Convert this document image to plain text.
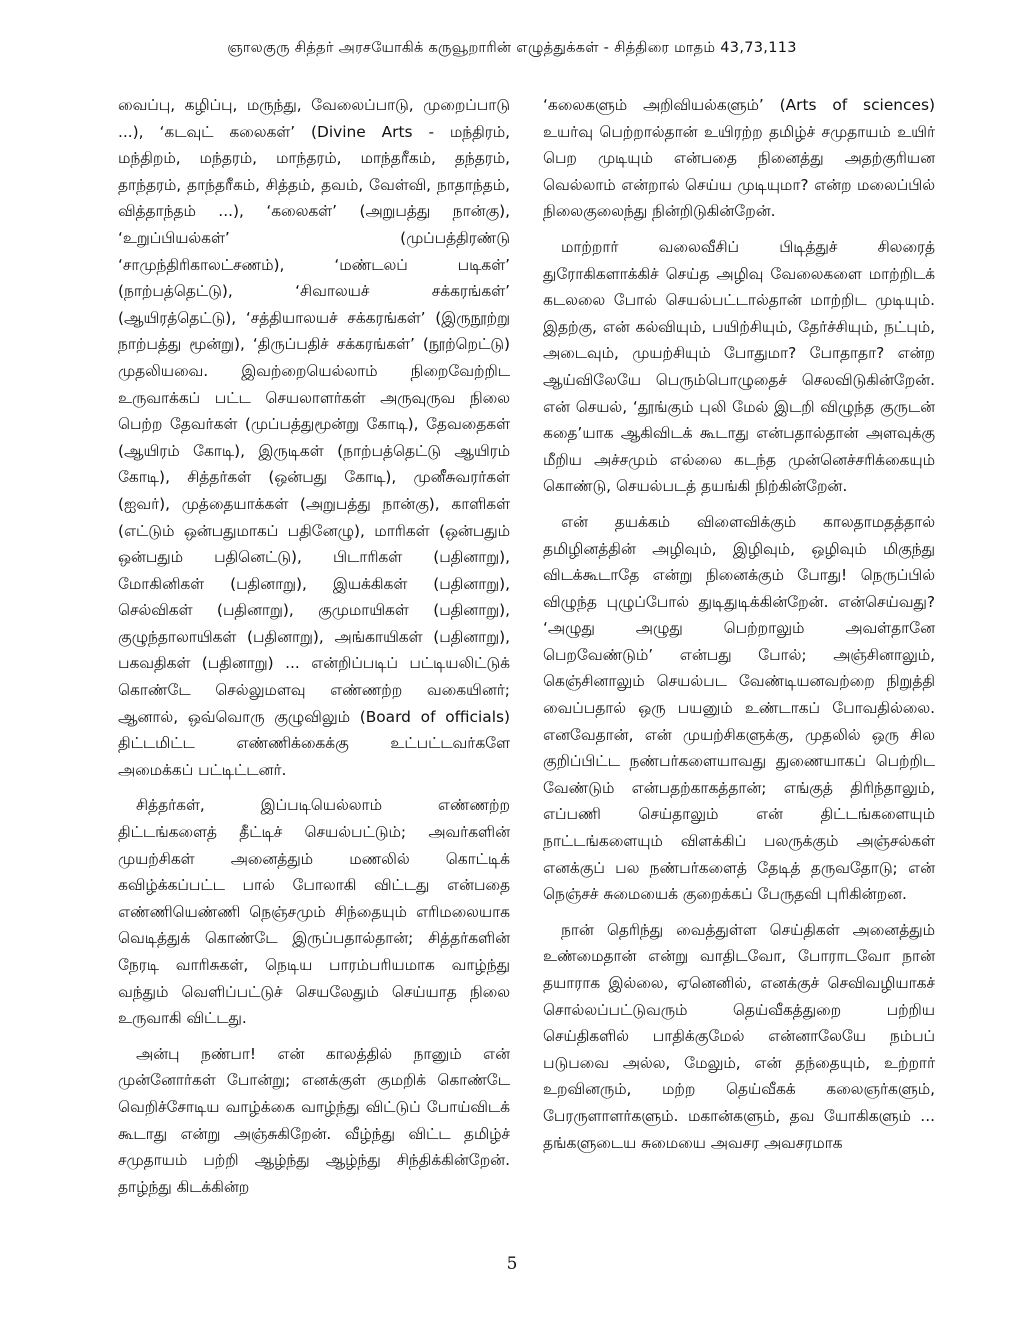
ஞாலகுரு சித்தர் அரசயோகிக் கருவூறாரின் எழுத்துக்கள் - சித்திரை மாதம் 43,73,113

வைப்பு, கழிப்பு, மருந்து, வேலைப்பாடு, முறைப்பாடு ...), ‘கடவுட் கலைகள்’ (Divine Arts - மந்திரம், மந்திறம், மந்தரம், மாந்தரம், மாந்தரீகம், தந்தரம், தாந்தரம், தாந்தரீகம், சித்தம், தவம், வேள்வி, நாதாந்தம், வித்தாந்தம் ...), ‘கலைகள்’ (அறுபத்து நான்கு), ‘உறுப்பியல்கள்’ (முப்பத்திரண்டு ‘சாமுந்திரிகாலட்சணம்), ‘மண்டலப் படிகள்’ (நாற்பத்தெட்டு), ‘சிவாலயச் சக்கரங்கள்’ (ஆயிரத்தெட்டு), ‘சத்தியாலயச் சக்கரங்கள்’ (இருநூற்று நாற்பத்து மூன்று), ‘திருப்பதிச் சக்கரங்கள்’ (நூற்றெட்டு) முதலியவை. இவற்றையெல்லாம் நிறைவேற்றிட உருவாக்கப் பட்ட செயலாளர்கள் அருவுருவ நிலை பெற்ற தேவர்கள் (முப்பத்துமூன்று கோடி), தேவதைகள் (ஆயிரம் கோடி), இருடிகள் (நாற்பத்தெட்டு ஆயிரம் கோடி), சித்தர்கள் (ஒன்பது கோடி), முனீசுவரர்கள் (ஐவர்), முத்தையாக்கள் (அறுபத்து நான்கு), காளிகள் (எட்டும் ஒன்பதுமாகப் பதினேழு), மாரிகள் (ஒன்பதும் ஒன்பதும் பதினெட்டு), பிடாரிகள் (பதினாறு), மோகினிகள் (பதினாறு), இயக்கிகள் (பதினாறு), செல்விகள் (பதினாறு), குமுமாயிகள் (பதினாறு), குழுந்தாலாயிகள் (பதினாறு), அங்காயிகள் (பதினாறு), பகவதிகள் (பதினாறு) ... என்றிப்படிப் பட்டியலிட்டுக் கொண்டே செல்லுமளவு எண்ணற்ற வகையினர்; ஆனால், ஒவ்வொரு குழுவிலும் (Board of officials) திட்டமிட்ட எண்ணிக்கைக்கு உட்பட்டவர்களே அமைக்கப் பட்டிட்டனர்.

சித்தர்கள், இப்படியெல்லாம் எண்ணற்ற திட்டங்களைத் தீட்டிச் செயல்பட்டும்; அவர்களின் முயற்சிகள் அனைத்தும் மணலில் கொட்டிக் கவிழ்க்கப்பட்ட பால் போலாகி விட்டது என்பதை எண்ணியெண்ணி நெஞ்சமும் சிந்தையும் எரிமலையாக வெடித்துக் கொண்டே இருப்பதால்தான்; சித்தர்களின் நேரடி வாரிசுகள், நெடிய பாரம்பரியமாக வாழ்ந்து வந்தும் வெளிப்பட்டுச் செயலேதும் செய்யாத நிலை உருவாகி விட்டது.

அன்பு நண்பா! என் காலத்தில் நானும் என் முன்னோர்கள் போன்று; எனக்குள் குமறிக் கொண்டே வெறிச்சோடிய வாழ்க்கை வாழ்ந்து விட்டுப் போய்விடக் கூடாது என்று அஞ்சுகிறேன். வீழ்ந்து விட்ட தமிழ்ச் சமுதாயம் பற்றி ஆழ்ந்து ஆழ்ந்து சிந்திக்கின்றேன். தாழ்ந்து கிடக்கின்ற

‘கலைகளும் அறிவியல்களும்’ (Arts of sciences) உயர்வு பெற்றால்தான் உயிரற்ற தமிழ்ச் சமுதாயம் உயிர் பெற முடியும் என்பதை நினைத்து அதற்குரியன வெல்லாம் என்றால் செய்ய முடியுமா? என்ற மலைப்பில் நிலைகுலைந்து நின்றிடுகின்றேன்.

மாற்றார் வலைவீசிப் பிடித்துச் சிலரைத் துரோகிகளாக்கிச் செய்த அழிவு வேலைகளை மாற்றிடக் கடலலை போல் செயல்பட்டால்தான் மாற்றிட முடியும். இதற்கு, என் கல்வியும், பயிற்சியும், தேர்ச்சியும், நட்பும், அடைவும், முயற்சியும் போதுமா? போதாதா? என்ற ஆய்விலேயே பெரும்பொழுதைச் செலவிடுகின்றேன். என் செயல், ‘தூங்கும் புலி மேல் இடறி விழுந்த குருடன் கதை’யாக ஆகிவிடக் கூடாது என்பதால்தான் அளவுக்கு மீறிய அச்சமும் எல்லை கடந்த முன்னெச்சரிக்கையும் கொண்டு, செயல்படத் தயங்கி நிற்கின்றேன்.

என் தயக்கம் விளைவிக்கும் காலதாமதத்தால் தமிழினத்தின் அழிவும், இழிவும், ஒழிவும் மிகுந்து விடக்கூடாதே என்று நினைக்கும் போது! நெருப்பில் விழுந்த புழுப்போல் துடிதுடிக்கின்றேன். என்செய்வது? ‘அழுது அழுது பெற்றாலும் அவள்தானே பெறவேண்டும்’ என்பது போல்; அஞ்சினாலும், கெஞ்சினாலும் செயல்பட வேண்டியனவற்றை நிறுத்தி வைப்பதால் ஒரு பயனும் உண்டாகப் போவதில்லை. எனவேதான், என் முயற்சிகளுக்கு, முதலில் ஒரு சில குறிப்பிட்ட நண்பர்களையாவது துணையாகப் பெற்றிட வேண்டும் என்பதற்காகத்தான்; எங்குத் திரிந்தாலும், எப்பணி செய்தாலும் என் திட்டங்களையும் நாட்டங்களையும் விளக்கிப் பலருக்கும் அஞ்சல்கள் எனக்குப் பல நண்பர்களைத் தேடித் தருவதோடு; என் நெஞ்சச் சுமையைக் குறைக்கப் பேருதவி புரிகின்றன.

நான் தெரிந்து வைத்துள்ள செய்திகள் அனைத்தும் உண்மைதான் என்று வாதிடவோ, போராடவோ நான் தயாராக இல்லை, ஏனெனில், எனக்குச் செவிவழியாகச் சொல்லப்பட்டுவரும் தெய்வீகத்துறை பற்றிய செய்திகளில் பாதிக்குமேல் என்னாலேயே நம்பப் படுபவை அல்ல, மேலும், என் தந்தையும், உற்றார் உறவினரும், மற்ற தெய்வீகக் கலைஞர்களும், பேரருளாளர்களும். மகான்களும், தவ யோகிகளும் ... தங்களுடைய சுமையை அவசர அவசரமாக

5
